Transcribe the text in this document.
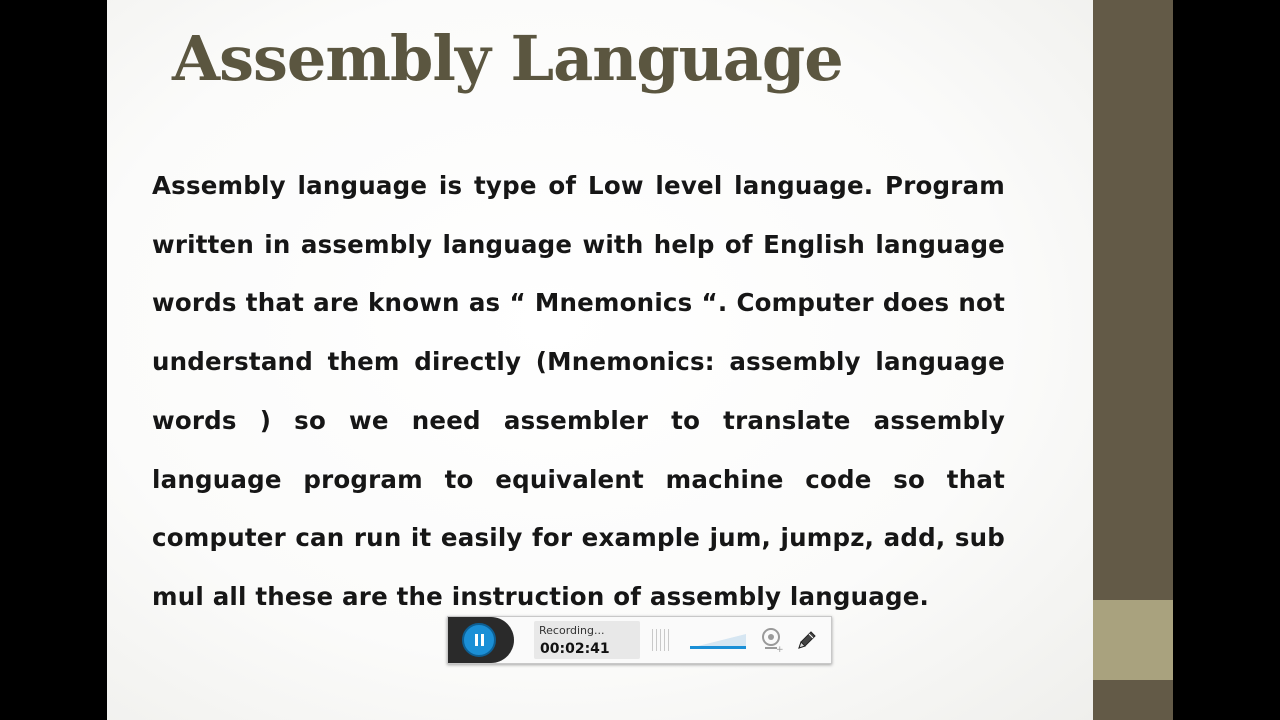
Assembly Language

Assembly language is type of Low level language. Program written in assembly language with help of English language words that are known as “ Mnemonics “. Computer does not understand them directly (Mnemonics: assembly language words ) so we need assembler to translate assembly language program to equivalent machine code so that computer can run it easily for example jum, jumpz, add, sub mul all these are the instruction of assembly language.

Recording...
00:02:41	+
